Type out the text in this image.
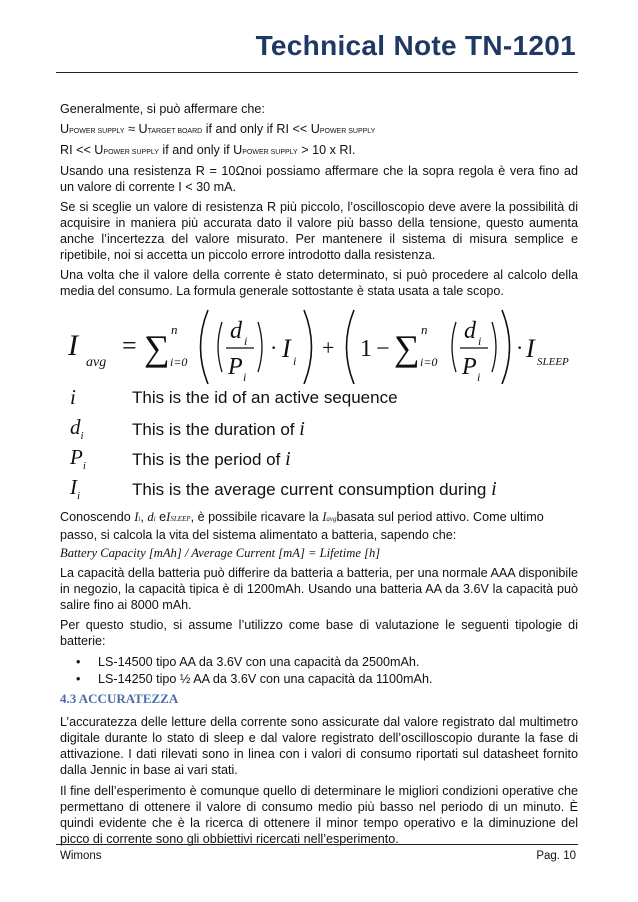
Technical Note TN-1201
Generalmente, si può affermare che:
UPOWER SUPPLY ≈ UTARGET BOARD if and only if RI << UPOWER SUPPLY
RI << UPOWER SUPPLY if and only if UPOWER SUPPLY > 10 x RI.
Usando una resistenza R = 10Ωnoi possiamo affermare che la sopra regola è vera fino ad un valore di corrente I < 30 mA.
Se si sceglie un valore di resistenza R più piccolo, l’oscilloscopio deve avere la possibilità di acquisire in maniera più accurata dato il valore più basso della tensione, questo aumenta anche l’incertezza del valore misurato. Per mantenere il sistema di misura semplice e ripetibile, noi si accetta un piccolo errore introdotto dalla resistenza.
Una volta che il valore della corrente è stato determinato, si può procedere al calcolo della media del consumo. La formula generale sottostante è stata usata a tale scopo.
I
avg
= ∑ n
i=0
d i
P i
· I i
+ 1 − ∑ n
i=0
d i
P i
· I SLEEP
i	This is the id of an active sequence
$d_i$	This is the duration of i
$P_i$	This is the period of i
$I_i$	This is the average current consumption during i
Conoscendo Ii, di eISLEEP, è possibile ricavare la Iavgbasata sul period attivo. Come ultimo
passo, si calcola la vita del sistema alimentato a batteria, sapendo che:
Battery Capacity [mAh] / Average Current [mA] = Lifetime [h]
La capacità della batteria può differire da batteria a batteria, per una normale AAA disponibile in negozio, la capacità tipica è di 1200mAh. Usando una batteria AA da 3.6V la capacità può salire fino ai 8000 mAh.
Per questo studio, si assume l’utilizzo come base di valutazione le seguenti tipologie di batterie:
• LS-14500 tipo AA da 3.6V con una capacità da 2500mAh.
• LS-14250 tipo ½ AA da 3.6V con una capacità da 1100mAh.
4.3 ACCURATEZZA
L’accuratezza delle letture della corrente sono assicurate dal valore registrato dal multimetro digitale durante lo stato di sleep e dal valore registrato dell’oscilloscopio durante la fase di attivazione. I dati rilevati sono in linea con i valori di consumo riportati sul datasheet fornito dalla Jennic in base ai vari stati.
Il fine dell’esperimento è comunque quello di determinare le migliori condizioni operative che permettano di ottenere il valore di consumo medio più basso nel periodo di un minuto. È quindi evidente che è la ricerca di ottenere il minor tempo operativo e la diminuzione del picco di corrente sono gli obbiettivi ricercati nell’esperimento.
Wimons	Pag. 10
